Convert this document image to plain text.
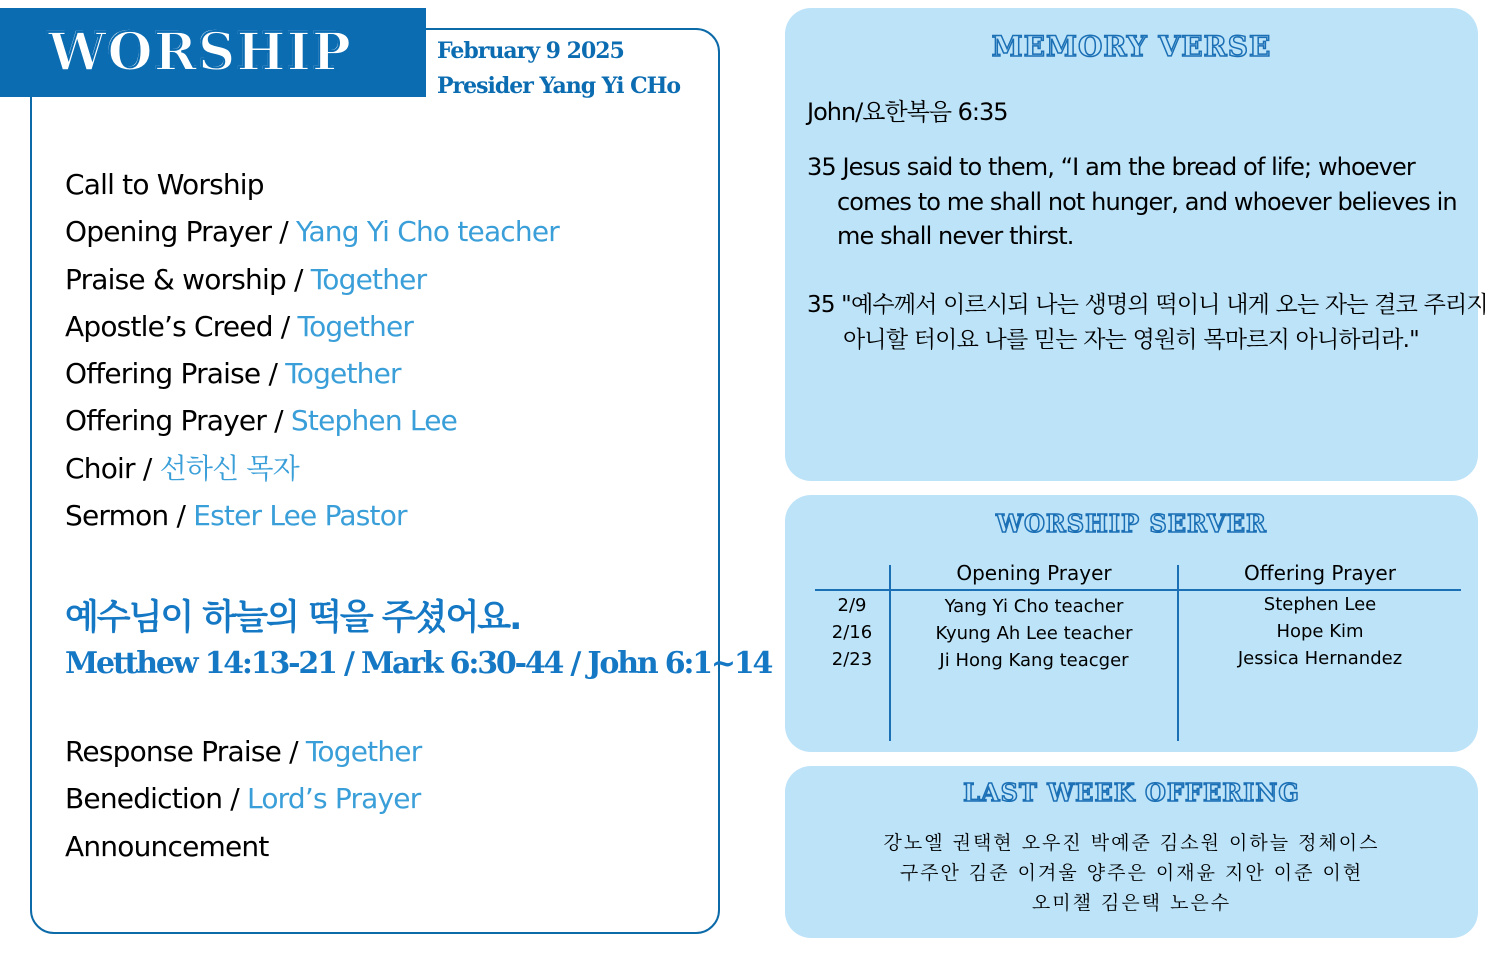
WORSHIP	February 9 2025
Presider Yang Yi CHo
Call to Worship
Opening Prayer / Yang Yi Cho teacher
Praise & worship / Together
Apostle’s Creed / Together
Offering Praise / Together
Offering Prayer / Stephen Lee
Choir / 선하신 목자
Sermon / Ester Lee Pastor
예수님이 하늘의 떡을 주셨어요.
Metthew 14:13-21 / Mark 6:30-44 / John 6:1~14
Response Praise / Together
Benediction / Lord’s Prayer
Announcement
MEMORY VERSE
John/요한복음 6:35
35 Jesus said to them, “I am the bread of life; whoever comes to me shall not hunger, and whoever believes in me shall never thirst.
35 "예수께서 이르시되 나는 생명의 떡이니 내게 오는 자는 결코 주리지 아니할 터이요 나를 믿는 자는 영원히 목마르지 아니하리라."
WORSHIP SERVER
Opening Prayer	Offering Prayer
2/9	Yang Yi Cho teacher	Stephen Lee
2/16	Kyung Ah Lee teacher	Hope Kim
2/23	Ji Hong Kang teacger	Jessica Hernandez
LAST WEEK OFFERING
강노엘 권택현 오우진 박예준 김소원 이하늘 정체이스
구주안 김준 이겨울 양주은 이재윤 지안 이준 이현
오미챌 김은택 노은수
